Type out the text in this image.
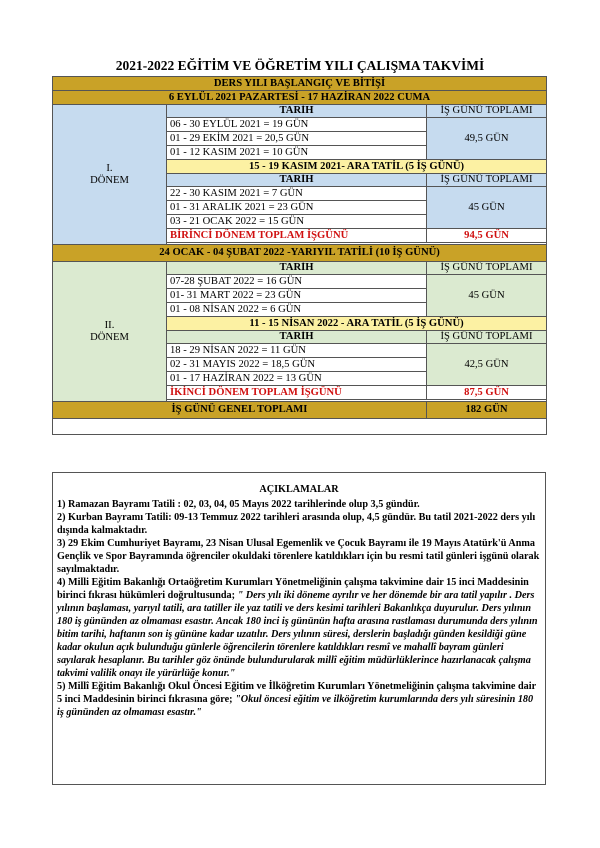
2021-2022 EĞİTİM VE ÖĞRETİM YILI ÇALIŞMA TAKVİMİ
DERS YILI BAŞLANGIÇ VE BİTİŞİ		
6 EYLÜL 2021 PAZARTESİ - 17 HAZİRAN 2022 CUMA		

I.
DÖNEM	TARİH	İŞ GÜNÜ TOPLAMI
	06 - 30 EYLÜL 2021 = 19 GÜN	49,5 GÜN
	01 - 29 EKİM 2021 = 20,5 GÜN	
	01 - 12 KASIM 2021 = 10 GÜN	
	15 - 19 KASIM 2021- ARA TATİL (5 İŞ GÜNÜ)	
	TARİH	İŞ GÜNÜ TOPLAMI
	22 - 30 KASIM 2021 = 7 GÜN	45 GÜN
	01 - 31 ARALIK 2021 = 23 GÜN	
	03 - 21 OCAK 2022 = 15 GÜN	
	BİRİNCİ DÖNEM TOPLAM İŞGÜNÜ	94,5 GÜN

24 OCAK - 04 ŞUBAT 2022 -YARIYIL TATİLİ (10 İŞ GÜNÜ)		

II.
DÖNEM	TARİH	İŞ GÜNÜ TOPLAMI
	07-28 ŞUBAT 2022 = 16 GÜN	45 GÜN
	01- 31 MART 2022 = 23 GÜN	
	01 - 08 NİSAN 2022 = 6 GÜN	
	11 - 15 NİSAN 2022 - ARA TATİL (5 İŞ GÜNÜ)	
	TARİH	İŞ GÜNÜ TOPLAMI
	18 - 29 NİSAN 2022 = 11 GÜN	42,5 GÜN
	02 - 31 MAYIS 2022 = 18,5 GÜN	
	01 - 17 HAZİRAN 2022 = 13 GÜN	
	İKİNCİ DÖNEM TOPLAM İŞGÜNÜ	87,5 GÜN

İŞ GÜNÜ GENEL TOPLAMI		182 GÜN

AÇIKLAMALAR

1) Ramazan Bayramı Tatili : 02, 03, 04, 05 Mayıs 2022 tarihlerinde olup 3,5 gündür.

2) Kurban Bayramı Tatili: 09-13 Temmuz 2022 tarihleri arasında olup, 4,5 gündür. Bu tatil 2021-2022 ders yılı dışında kalmaktadır.

3) 29 Ekim Cumhuriyet Bayramı, 23 Nisan Ulusal Egemenlik ve Çocuk Bayramı ile 19 Mayıs Atatürk'ü Anma Gençlik ve Spor Bayramında öğrenciler okuldaki törenlere katıldıkları için bu resmi tatil günleri işgünü olarak sayılmaktadır.

4) Milli Eğitim Bakanlığı Ortaöğretim Kurumları Yönetmeliğinin çalışma takvimine dair 15 inci Maddesinin birinci fıkrası hükümleri doğrultusunda; " Ders yılı iki döneme ayrılır ve her dönemde bir ara tatil yapılır . Ders yılının başlaması, yarıyıl tatili, ara tatiller ile yaz tatili ve ders kesimi tarihleri Bakanlıkça duyurulur. Ders yılının 180 iş gününden az olmaması esastır. Ancak 180 inci iş gününün hafta arasına rastlaması durumunda ders yılının bitim tarihi, haftanın son iş gününe kadar uzatılır. Ders yılının süresi, derslerin başladığı günden kesildiği güne kadar okulun açık bulunduğu günlerle öğrencilerin törenlere katıldıkları resmî ve mahallî bayram günleri sayılarak hesaplanır. Bu tarihler göz önünde bulundurularak millî eğitim müdürlüklerince hazırlanacak çalışma takvimi valilik onayı ile yürürlüğe konur."

5) Millî Eğitim Bakanlığı Okul Öncesi Eğitim ve İlköğretim Kurumları Yönetmeliğinin çalışma takvimine dair 5 inci Maddesinin birinci fıkrasına göre; "Okul öncesi eğitim ve ilköğretim kurumlarında ders yılı süresinin 180 iş gününden az olmaması esastır."
